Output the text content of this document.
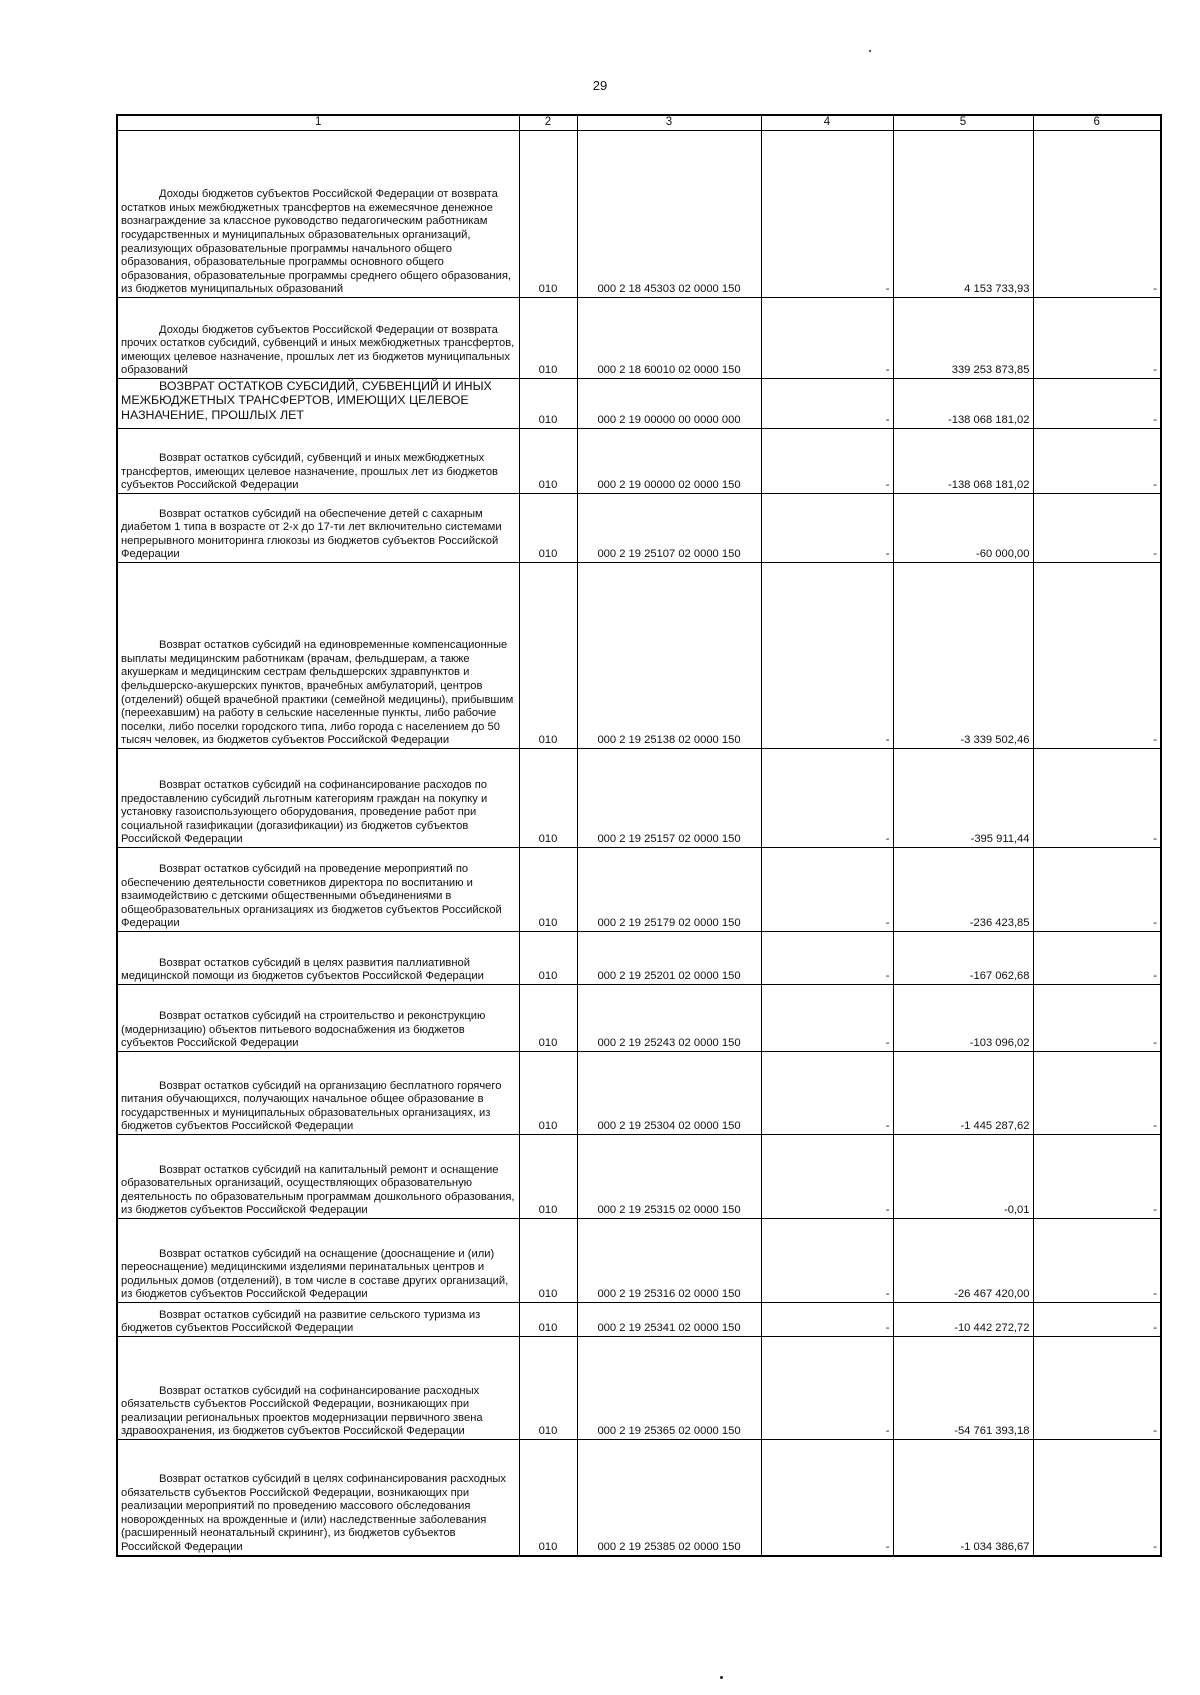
29
1	2	3	4	5	6

Доходы бюджетов субъектов Российской Федерации от возврата остатков иных межбюджетных трансфертов на ежемесячное денежное вознаграждение за классное руководство педагогическим работникам государственных и муниципальных образовательных организаций, реализующих образовательные программы начального общего образования, образовательные программы основного общего образования, образовательные программы среднего общего образования, из бюджетов муниципальных образований	010	000 2 18 45303 02 0000 150	-	4 153 733,93	-

Доходы бюджетов субъектов Российской Федерации от возврата прочих остатков субсидий, субвенций и иных межбюджетных трансфертов, имеющих целевое назначение, прошлых лет из бюджетов муниципальных образований	010	000 2 18 60010 02 0000 150	-	339 253 873,85	-

ВОЗВРАТ ОСТАТКОВ СУБСИДИЙ, СУБВЕНЦИЙ И ИНЫХ МЕЖБЮДЖЕТНЫХ ТРАНСФЕРТОВ, ИМЕЮЩИХ ЦЕЛЕВОЕ НАЗНАЧЕНИЕ, ПРОШЛЫХ ЛЕТ	010	000 2 19 00000 00 0000 000	-	-138 068 181,02	-

Возврат остатков субсидий, субвенций и иных межбюджетных трансфертов, имеющих целевое назначение, прошлых лет из бюджетов субъектов Российской Федерации	010	000 2 19 00000 02 0000 150	-	-138 068 181,02	-

Возврат остатков субсидий на обеспечение детей с сахарным диабетом 1 типа в возрасте от 2-х до 17-ти лет включительно системами непрерывного мониторинга глюкозы из бюджетов субъектов Российской Федерации	010	000 2 19 25107 02 0000 150	-	-60 000,00	-

Возврат остатков субсидий на единовременные компенсационные выплаты медицинским работникам (врачам, фельдшерам, а также акушеркам и медицинским сестрам фельдшерских здравпунктов и фельдшерско-акушерских пунктов, врачебных амбулаторий, центров (отделений) общей врачебной практики (семейной медицины), прибывшим (переехавшим) на работу в сельские населенные пункты, либо рабочие поселки, либо поселки городского типа, либо города с населением до 50 тысяч человек, из бюджетов субъектов Российской Федерации	010	000 2 19 25138 02 0000 150	-	-3 339 502,46	-

Возврат остатков субсидий на софинансирование расходов по предоставлению субсидий льготным категориям граждан на покупку и установку газоиспользующего оборудования, проведение работ при социальной газификации (догазификации) из бюджетов субъектов Российской Федерации	010	000 2 19 25157 02 0000 150	-	-395 911,44	-

Возврат остатков субсидий на проведение мероприятий по обеспечению деятельности советников директора по воспитанию и взаимодействию с детскими общественными объединениями в общеобразовательных организациях из бюджетов субъектов Российской Федерации	010	000 2 19 25179 02 0000 150	-	-236 423,85	-

Возврат остатков субсидий в целях развития паллиативной медицинской помощи из бюджетов субъектов Российской Федерации	010	000 2 19 25201 02 0000 150	-	-167 062,68	-

Возврат остатков субсидий на строительство и реконструкцию (модернизацию) объектов питьевого водоснабжения из бюджетов субъектов Российской Федерации	010	000 2 19 25243 02 0000 150	-	-103 096,02	-

Возврат остатков субсидий на организацию бесплатного горячего питания обучающихся, получающих начальное общее образование в государственных и муниципальных образовательных организациях, из бюджетов субъектов Российской Федерации	010	000 2 19 25304 02 0000 150	-	-1 445 287,62	-

Возврат остатков субсидий на капитальный ремонт и оснащение образовательных организаций, осуществляющих образовательную деятельность по образовательным программам дошкольного образования, из бюджетов субъектов Российской Федерации	010	000 2 19 25315 02 0000 150	-	-0,01	-

Возврат остатков субсидий на оснащение (дооснащение и (или) переоснащение) медицинскими изделиями перинатальных центров и родильных домов (отделений), в том числе в составе других организаций, из бюджетов субъектов Российской Федерации	010	000 2 19 25316 02 0000 150	-	-26 467 420,00	-

Возврат остатков субсидий на развитие сельского туризма из бюджетов субъектов Российской Федерации	010	000 2 19 25341 02 0000 150	-	-10 442 272,72	-

Возврат остатков субсидий на софинансирование расходных обязательств субъектов Российской Федерации, возникающих при реализации региональных проектов модернизации первичного звена здравоохранения, из бюджетов субъектов Российской Федерации	010	000 2 19 25365 02 0000 150	-	-54 761 393,18	-

Возврат остатков субсидий в целях софинансирования расходных обязательств субъектов Российской Федерации, возникающих при реализации мероприятий по проведению массового обследования новорожденных на врожденные и (или) наследственные заболевания (расширенный неонатальный скрининг), из бюджетов субъектов Российской Федерации	010	000 2 19 25385 02 0000 150	-	-1 034 386,67	-
